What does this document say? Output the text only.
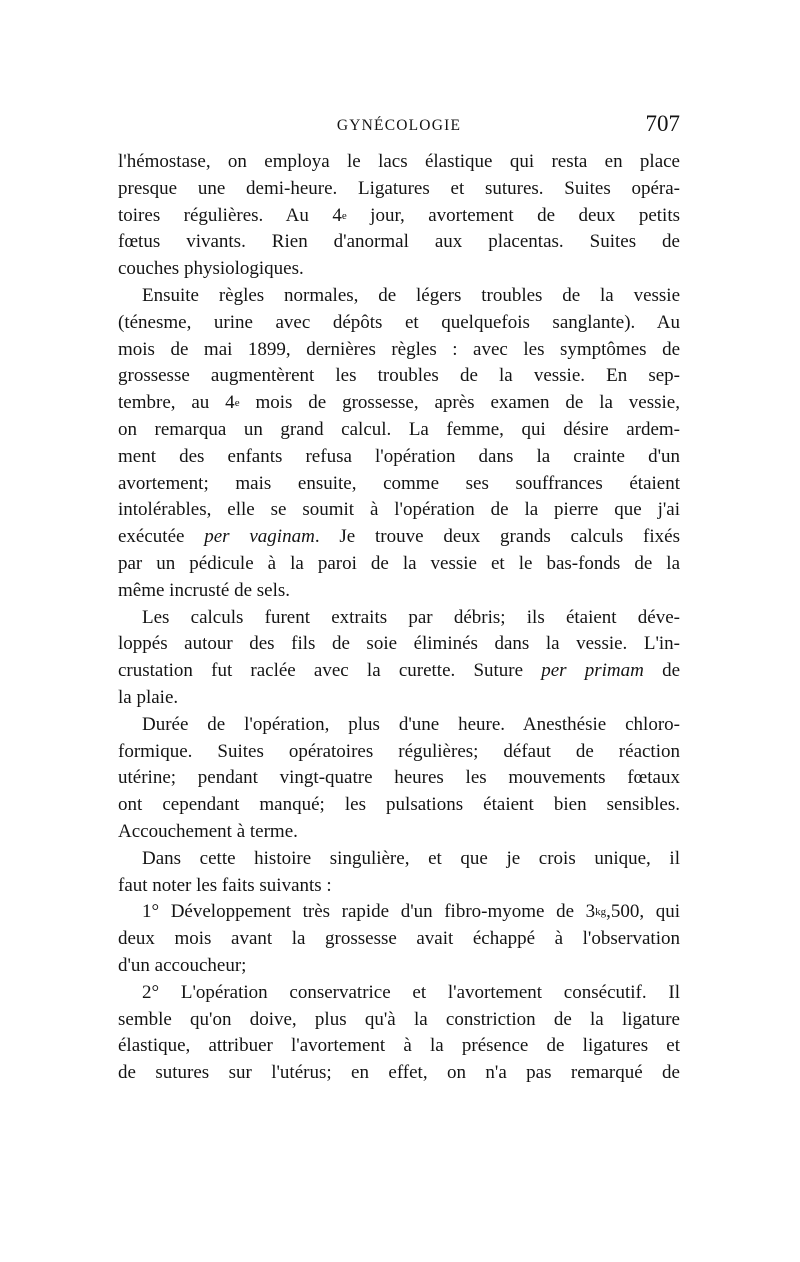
GYNÉCOLOGIE	707
l'hémostase, on employa le lacs élastique qui resta en place
presque une demi-heure. Ligatures et sutures. Suites opéra-
toires régulières. Au 4e jour, avortement de deux petits
fœtus vivants. Rien d'anormal aux placentas. Suites de
couches physiologiques.
Ensuite règles normales, de légers troubles de la vessie
(ténesme, urine avec dépôts et quelquefois sanglante). Au
mois de mai 1899, dernières règles : avec les symptômes de
grossesse augmentèrent les troubles de la vessie. En sep-
tembre, au 4e mois de grossesse, après examen de la vessie,
on remarqua un grand calcul. La femme, qui désire ardem-
ment des enfants refusa l'opération dans la crainte d'un
avortement; mais ensuite, comme ses souffrances étaient
intolérables, elle se soumit à l'opération de la pierre que j'ai
exécutée per vaginam. Je trouve deux grands calculs fixés
par un pédicule à la paroi de la vessie et le bas-fonds de la
même incrusté de sels.
Les calculs furent extraits par débris; ils étaient déve-
loppés autour des fils de soie éliminés dans la vessie. L'in-
crustation fut raclée avec la curette. Suture per primam de
la plaie.
Durée de l'opération, plus d'une heure. Anesthésie chloro-
formique. Suites opératoires régulières; défaut de réaction
utérine; pendant vingt-quatre heures les mouvements fœtaux
ont cependant manqué; les pulsations étaient bien sensibles.
Accouchement à terme.
Dans cette histoire singulière, et que je crois unique, il
faut noter les faits suivants :
1° Développement très rapide d'un fibro-myome de $3^{kg},500$, qui
deux mois avant la grossesse avait échappé à l'observation
d'un accoucheur;
2° L'opération conservatrice et l'avortement consécutif. Il
semble qu'on doive, plus qu'à la constriction de la ligature
élastique, attribuer l'avortement à la présence de ligatures et
de sutures sur l'utérus; en effet, on n'a pas remarqué de
